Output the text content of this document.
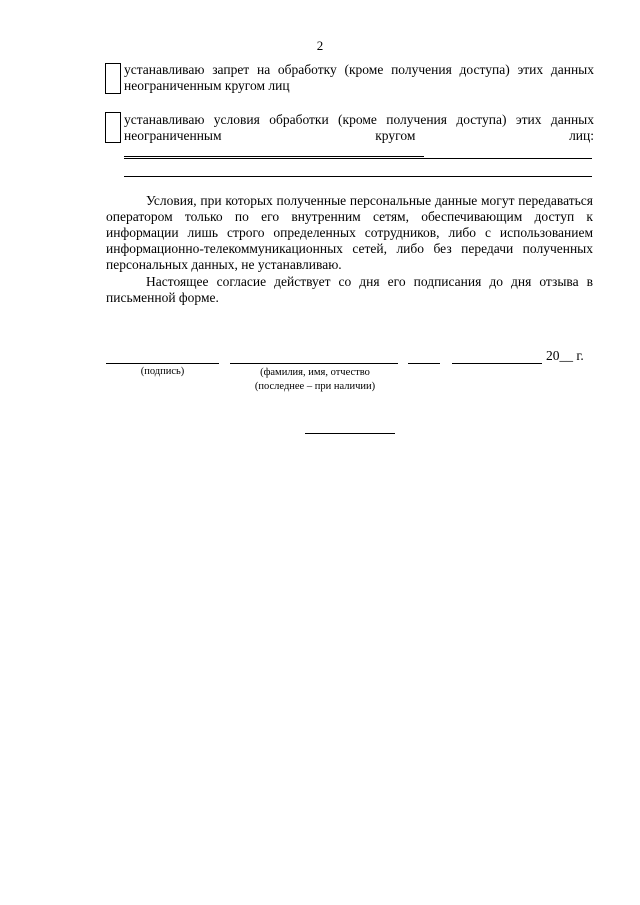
2
устанавливаю запрет на обработку (кроме получения доступа) этих данных неограниченным кругом лиц
устанавливаю условия обработки (кроме получения доступа) этих данных неограниченным кругом лиц:
Условия, при которых полученные персональные данные могут передаваться оператором только по его внутренним сетям, обеспечивающим доступ к информации лишь строго определенных сотрудников, либо с использованием информационно-телекоммуникационных сетей, либо без передачи полученных персональных данных, не устанавливаю.
Настоящее согласие действует со дня его подписания до дня отзыва в письменной форме.
20__ г.
(подпись)	(фамилия, имя, отчество
(последнее – при наличии)
